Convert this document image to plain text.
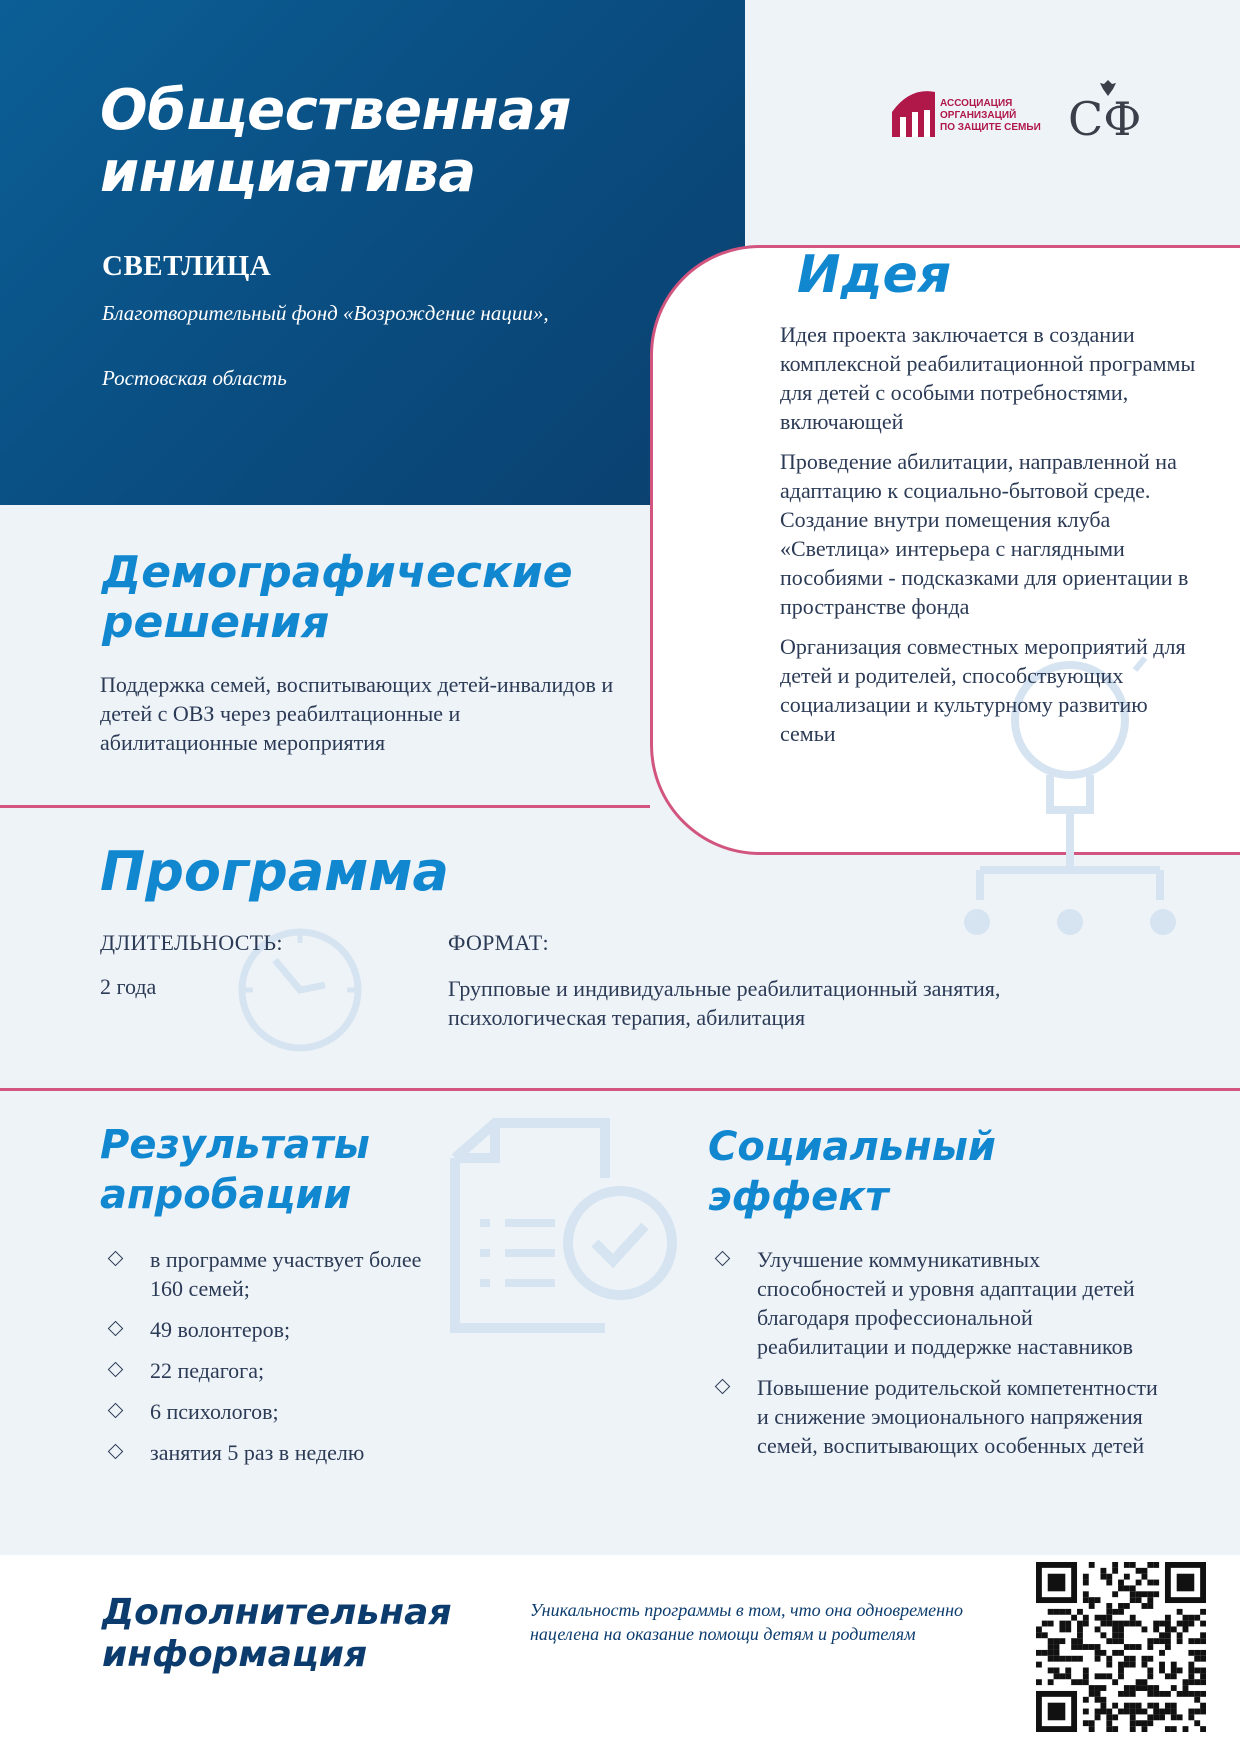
Общественная
инициатива
СВЕТЛИЦА
Благотворительный фонд «Возрождение нации»,
Ростовская область
АССОЦИАЦИЯ
ОРГАНИЗАЦИЙ
ПО ЗАЩИТЕ СЕМЬИ СФ
Идея

Идея проекта заключается в создании комплексной реабилитационной программы для детей с особыми потребностями, включающей

Проведение абилитации, направленной на адаптацию к социально-бытовой среде. Создание внутри помещения клуба «Светлица» интерьера с наглядными пособиями - подсказками для ориентации в пространстве фонда

Организация совместных мероприятий для детей и родителей, способствующих социализации и культурному развитию семьи

Демографические
решения
Поддержка семей, воспитывающих детей-инвалидов и детей с ОВЗ через реабилтационные и абилитационные мероприятия
Программа
ДЛИТЕЛЬНОСТЬ:
2 года
ФОРМАТ:
Групповые и индивидуальные реабилитационный занятия, психологическая терапия, абилитация
Результаты
апробации
в программе участвует более 160 семей;
49 волонтеров;
22 педагога;
6 психологов;
занятия 5 раз в неделю
Социальный
эффект
Улучшение коммуникативных способностей и уровня адаптации детей благодаря профессиональной реабилитации и поддержке наставников
Повышение родительской компетентности и снижение эмоционального напряжения семей, воспитывающих особенных детей
Дополнительная
информация
Уникальность программы в том, что она одновременно нацелена на оказание помощи детям и родителям
